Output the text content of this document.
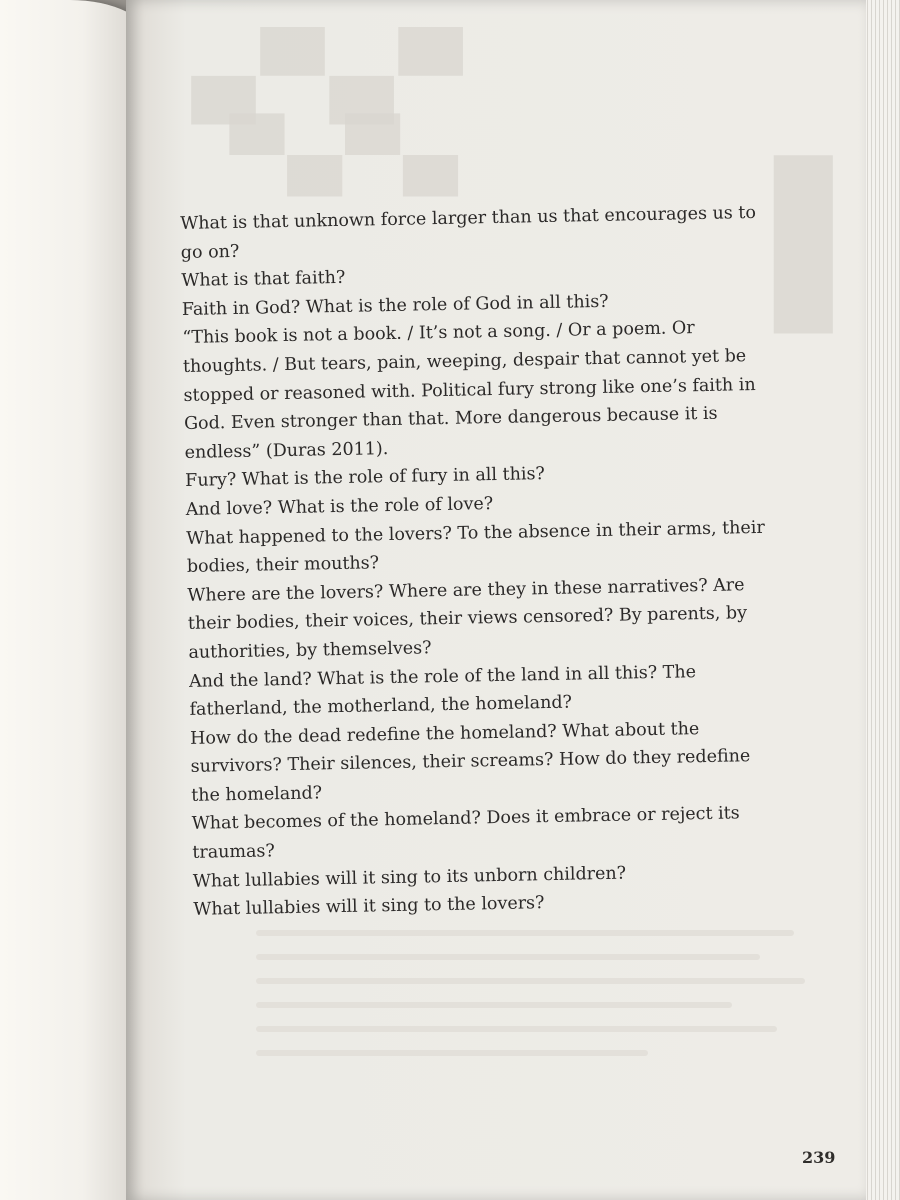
▀▄▀▄
▄▀▄▀
▌

What is that unknown force larger than us that encourages us to go on?

What is that faith?

Faith in God? What is the role of God in all this?

“This book is not a book. / It’s not a song. / Or a poem. Or thoughts. / But tears, pain, weeping, despair that cannot yet be stopped or reasoned with. Political fury strong like one’s faith in God. Even stronger than that. More dangerous because it is endless” (Duras 2011).

Fury? What is the role of fury in all this?

And love? What is the role of love?

What happened to the lovers? To the absence in their arms, their bodies, their mouths?

Where are the lovers? Where are they in these narratives? Are their bodies, their voices, their views censored? By parents, by authorities, by themselves?

And the land? What is the role of the land in all this? The fatherland, the motherland, the homeland?

How do the dead redefine the homeland? What about the survivors? Their silences, their screams? How do they redefine the homeland?

What becomes of the homeland? Does it embrace or reject its traumas?

What lullabies will it sing to its unborn children?

What lullabies will it sing to the lovers?

239
